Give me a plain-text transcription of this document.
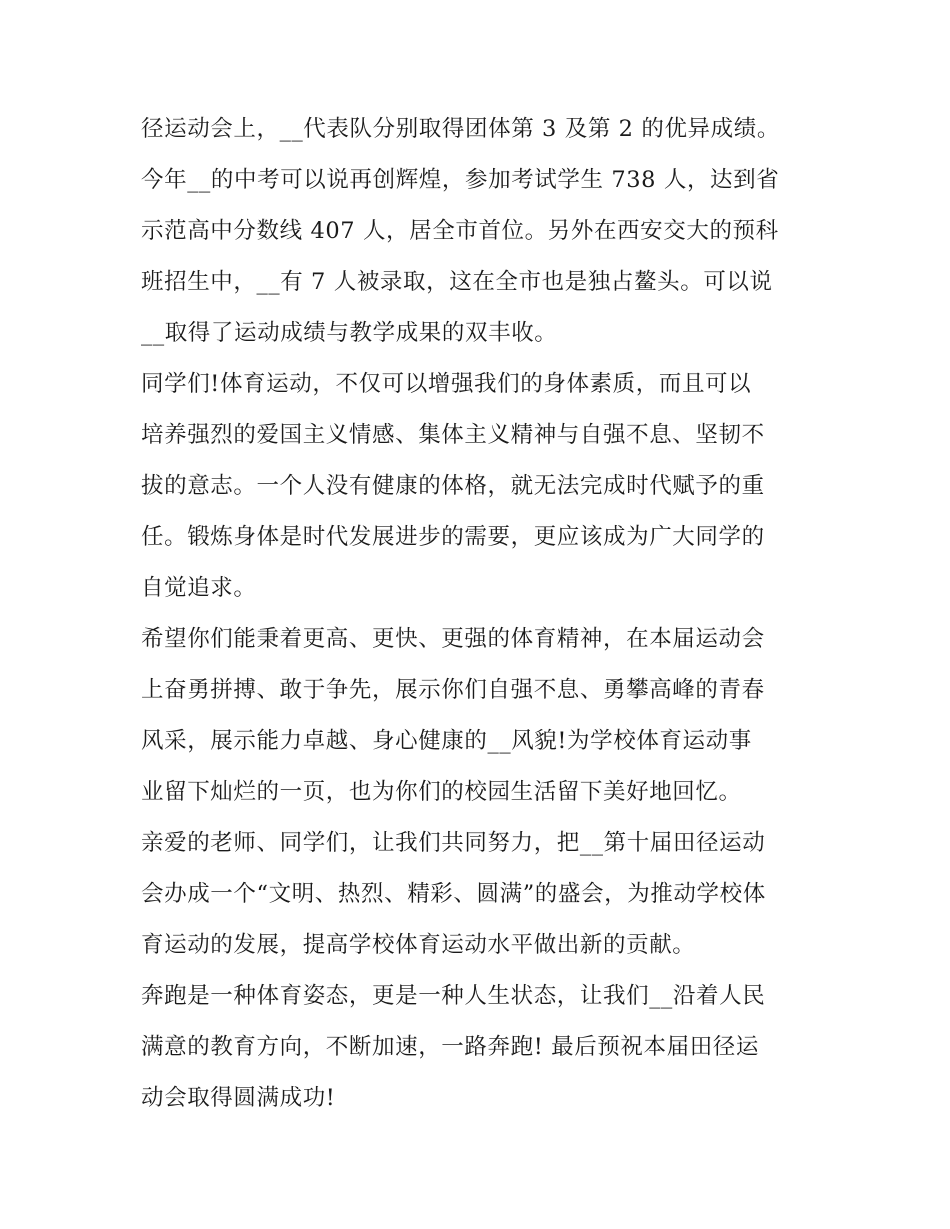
径运动会上，__代表队分别取得团体第 3 及第 2 的优异成绩。
今年__的中考可以说再创辉煌，参加考试学生 738 人，达到省
示范高中分数线 407 人，居全市首位。另外在西安交大的预科
班招生中，__有 7 人被录取，这在全市也是独占鳌头。可以说
__取得了运动成绩与教学成果的双丰收。
同学们!体育运动，不仅可以增强我们的身体素质，而且可以
培养强烈的爱国主义情感、集体主义精神与自强不息、坚韧不
拔的意志。一个人没有健康的体格，就无法完成时代赋予的重
任。锻炼身体是时代发展进步的需要，更应该成为广大同学的
自觉追求。
希望你们能秉着更高、更快、更强的体育精神，在本届运动会
上奋勇拼搏、敢于争先，展示你们自强不息、勇攀高峰的青春
风采，展示能力卓越、身心健康的__风貌!为学校体育运动事
业留下灿烂的一页，也为你们的校园生活留下美好地回忆。
亲爱的老师、同学们，让我们共同努力，把__第十届田径运动
会办成一个“文明、热烈、精彩、圆满”的盛会，为推动学校体
育运动的发展，提高学校体育运动水平做出新的贡献。
奔跑是一种体育姿态，更是一种人生状态，让我们__沿着人民
满意的教育方向，不断加速，一路奔跑! 最后预祝本届田径运
动会取得圆满成功!
